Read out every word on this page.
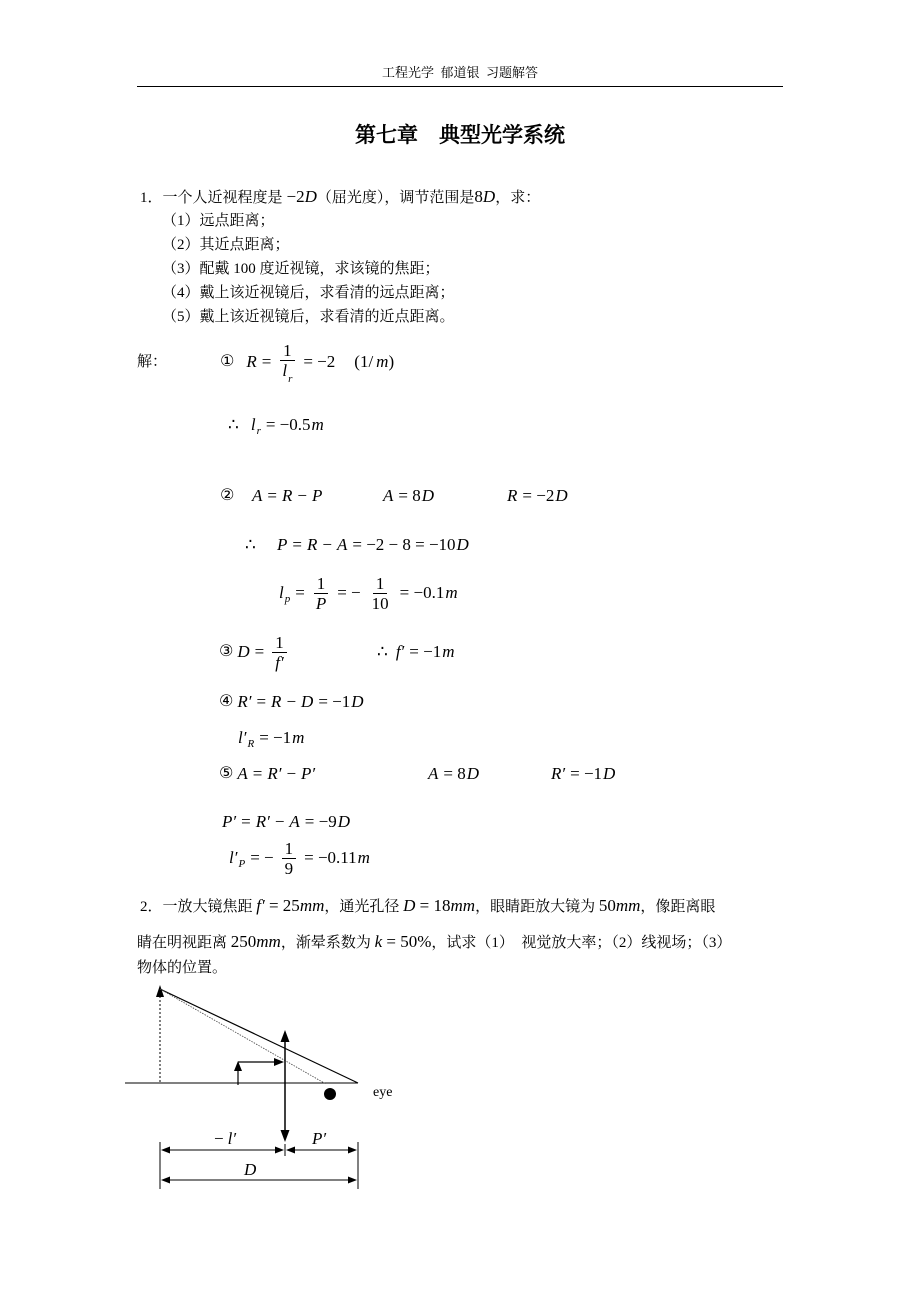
工程光学  郁道银  习题解答
第七章　典型光学系统
1．一个人近视程度是 −2 D （屈光度），调节范围是 8 D ，求：
（1）远点距离；
（2）其近点距离；
（3）配戴 100 度近视镜，求该镜的焦距；
（4）戴上该近视镜后，求看清的远点距离；
（5）戴上该近视镜后，求看清的近点距离。
解：	① $R = \frac{1}{l_r} = -2$ (1/ m )
∴ l r = −0.5 m
② A = R − P	A = 8 D	R = −2 D
∴ P = R − A = −2 − 8 = −10 D
l $p = \frac{1}{P}$ = − $\frac{1}{10} = -0.1$ m
③ $D = \frac{1}{f'}$	∴ f′ = −1 m
④ R′ = R − D = −1 D
l′ R = −1 m
⑤ A = R′ − P′	A = 8 D	R′ = −1 D
P′ = R′ − A = −9 D
l′ P = − $\frac{1}{9} = -0.11$ m
2．一放大镜焦距 f′ = 25 mm ，通光孔径 D = 18 mm ，眼睛距放大镜为 50 mm ，像距离眼
睛在明视距离 250 mm ，渐晕系数为 k = 50% ，试求（1）  视觉放大率；（2）线视场；（3）
物体的位置。
eye
− l′	P′
D
